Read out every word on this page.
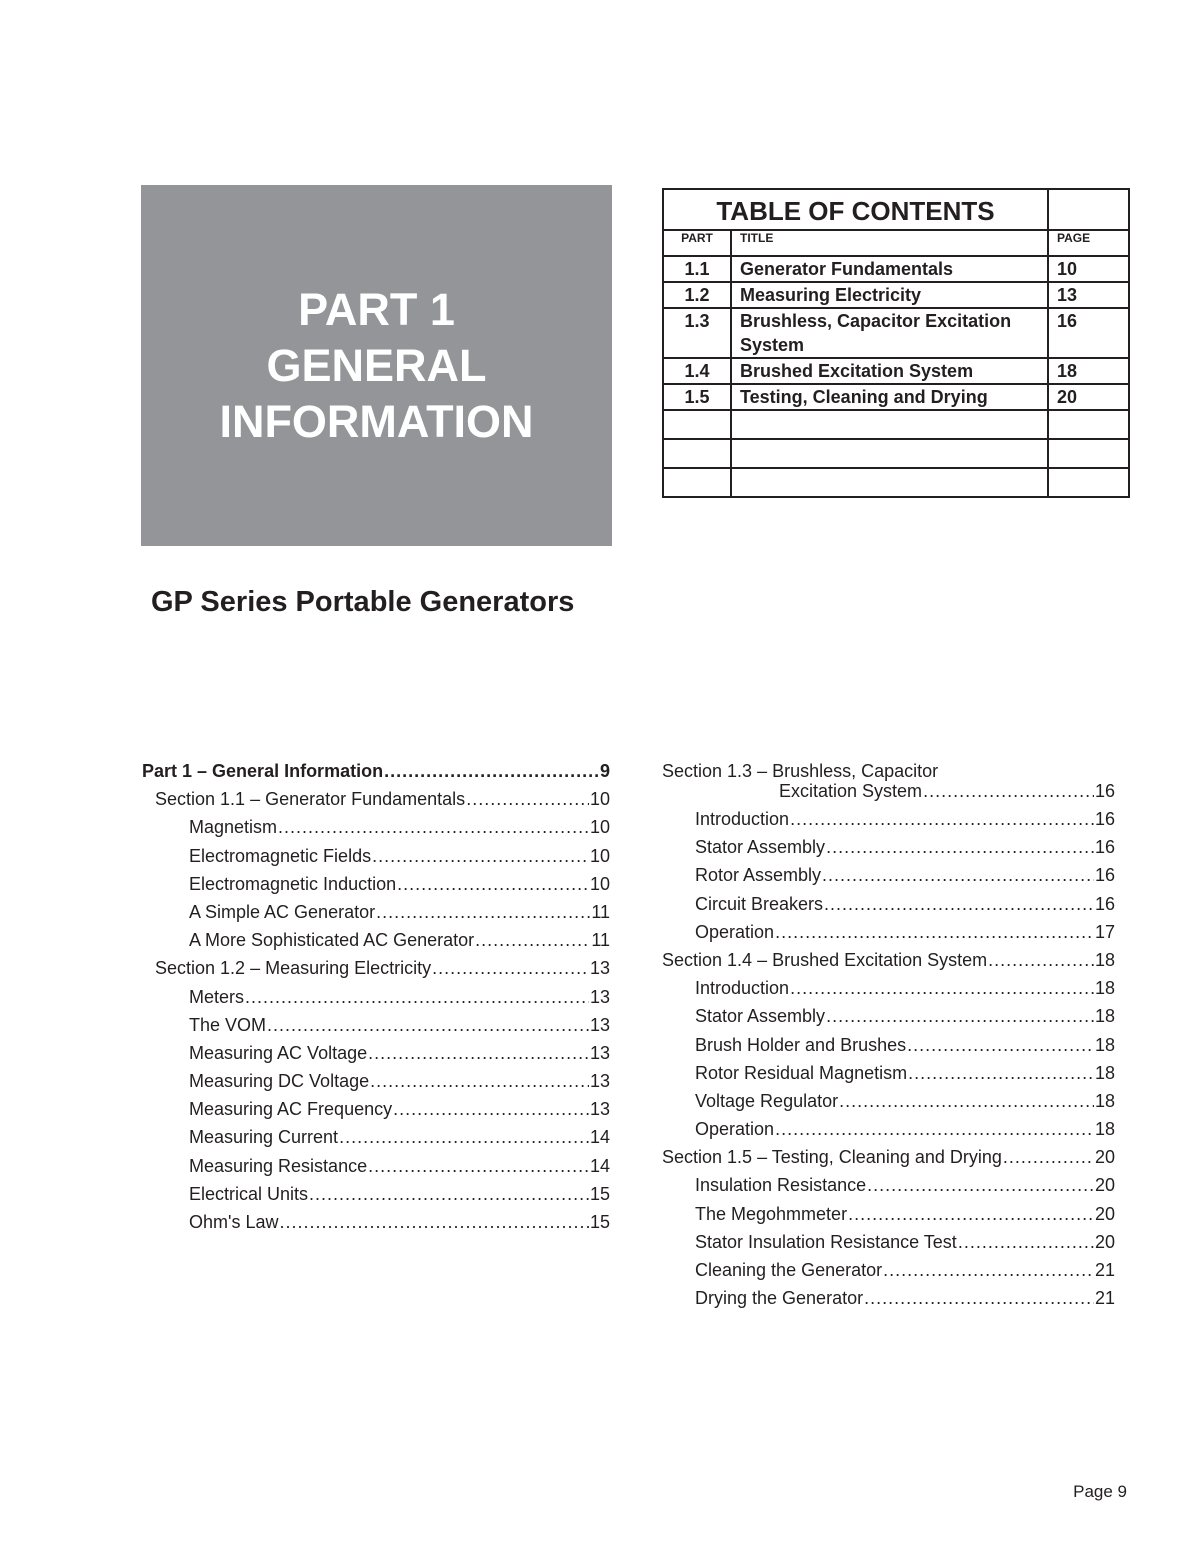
PART 1
GENERAL
INFORMATION
TABLE OF CONTENTS		
PART	TITLE	PAGE
1.1	Generator Fundamentals	10
1.2	Measuring Electricity	13
1.3	Brushless, Capacitor Excitation System	16
1.4	Brushed Excitation System	18
1.5	Testing, Cleaning and Drying	20

GP Series Portable Generators
Part 1 – General Information .....	9
Section 1.1 – Generator Fundamentals .....	10
Magnetism .....	10
Electromagnetic Fields .....	10
Electromagnetic Induction .....	10
A Simple AC Generator .....	11
A More Sophisticated AC Generator .....	11
Section 1.2 – Measuring Electricity .....	13
Meters .....	13
The VOM .....	13
Measuring AC Voltage .....	13
Measuring DC Voltage .....	13
Measuring AC Frequency .....	13
Measuring Current .....	14
Measuring Resistance .....	14
Electrical Units .....	15
Ohm's Law .....	15
Section 1.3 – Brushless, Capacitor
Excitation System .....	16
Introduction .....	16
Stator Assembly .....	16
Rotor Assembly .....	16
Circuit Breakers .....	16
Operation .....	17
Section 1.4 – Brushed Excitation System .....	18
Introduction .....	18
Stator Assembly .....	18
Brush Holder and Brushes .....	18
Rotor Residual Magnetism .....	18
Voltage Regulator .....	18
Operation .....	18
Section 1.5 – Testing, Cleaning and Drying .....	20
Insulation Resistance .....	20
The Megohmmeter .....	20
Stator Insulation Resistance Test .....	20
Cleaning the Generator .....	21
Drying the Generator .....	21
Page 9
